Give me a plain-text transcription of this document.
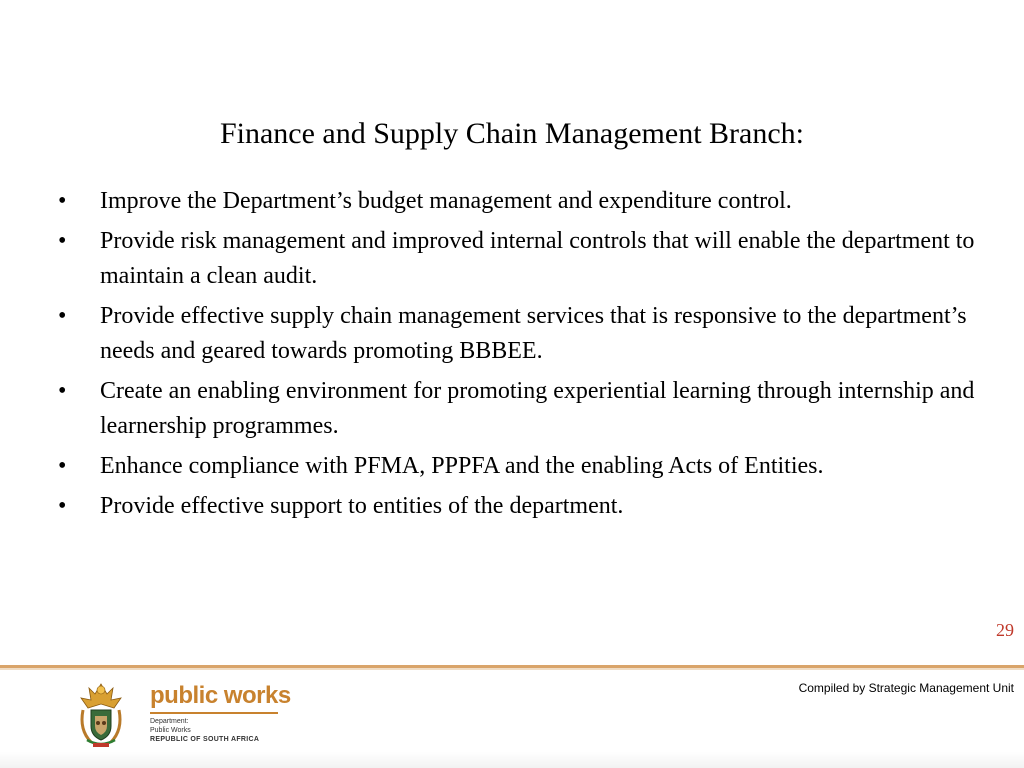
Finance and Supply Chain Management Branch:
•	Improve the Department’s budget management and expenditure control.
•	Provide risk management and improved internal controls that will enable the department to maintain a clean audit.
•	Provide effective supply chain management services that is responsive to the department’s needs and geared towards promoting BBBEE.
•	Create an enabling environment for promoting experiential learning through internship and learnership programmes.
•	Enhance compliance with PFMA, PPPFA and the enabling Acts of Entities.
•	Provide effective support to entities of the department.
29
public works
Department:
Public Works
REPUBLIC OF SOUTH AFRICA
Compiled by Strategic Management Unit
